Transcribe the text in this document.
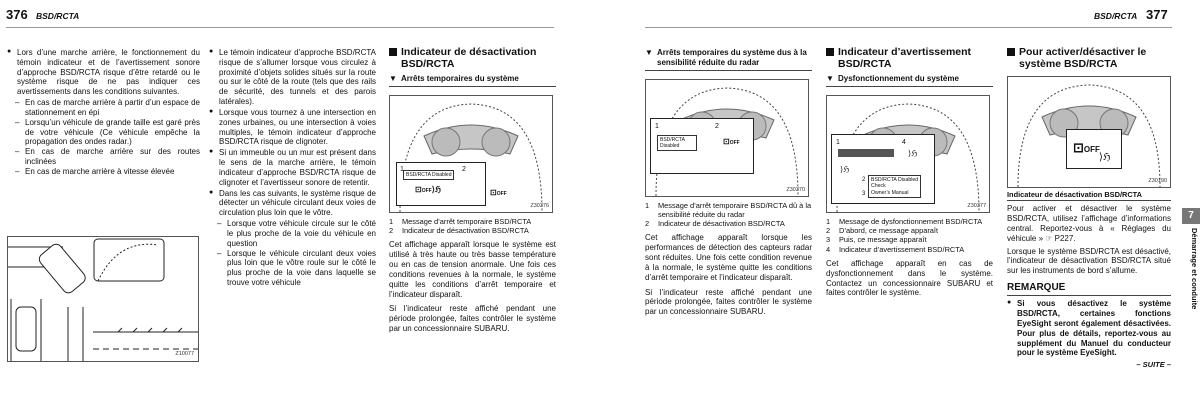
376 BSD/RCTA	BSD/RCTA 377
● Lors d’une marche arrière, le fonctionnement du témoin indicateur et de l’avertissement sonore d’approche BSD/RCTA risque d’être retardé ou le système risque de ne pas indiquer ces avertissements dans les conditions suivantes.
– En cas de marche arrière à partir d’un espace de stationnement en épi
– Lorsqu’un véhicule de grande taille est garé près de votre véhicule (Ce véhicule empêche la propagation des ondes radar.)
– En cas de marche arrière sur des routes inclinées
– En cas de marche arrière à vitesse élevée
Z10077
● Le témoin indicateur d’approche BSD/RCTA risque de s’allumer lorsque vous circulez à proximité d’objets solides situés sur la route ou sur le côté de la route (tels que des rails de sécurité, des tunnels et des parois latérales).
● Lorsque vous tournez à une intersection en zones urbaines, ou une intersection à voies multiples, le témoin indicateur d’approche BSD/RCTA risque de clignoter.
● Si un immeuble ou un mur est présent dans le sens de la marche arrière, le témoin indicateur d’approche BSD/RCTA risque de clignoter et l’avertisseur sonore de retentir.
● Dans les cas suivants, le système risque de détecter un véhicule circulant deux voies de circulation plus loin que le vôtre.
– Lorsque votre véhicule circule sur le côté le plus proche de la voie du véhicule en question
– Lorsque le véhicule circulant deux voies plus loin que le vôtre roule sur le côté le plus proche de la voie dans laquelle se trouve votre véhicule
Indicateur de désactivation BSD/RCTA
▼ Arrêts temporaires du système
BSD/RCTA Disabled
⊡OFF⟩ℌ
1	2
⊡OFF
Z30376
1	Message d’arrêt temporaire BSD/RCTA
2	Indicateur de désactivation BSD/RCTA
Cet affichage apparaît lorsque le système est utilisé à très haute ou très basse température ou en cas de tension anormale. Une fois ces conditions revenues à la normale, le système quitte les conditions d’arrêt temporaire et l’indicateur disparaît.
Si l’indicateur reste affiché pendant une période prolongée, faites contrôler le système par un concessionnaire SUBARU.
▼ Arrêts temporaires du système dus à la sensibilité réduite du radar
1	2
BSD/RCTA Disabled
⊡OFF
Z30370
1	Message d’arrêt temporaire BSD/RCTA dû à la sensibilité réduite du radar
2	Indicateur de désactivation BSD/RCTA
Cet affichage apparaît lorsque les performances de détection des capteurs radar sont réduites. Une fois cette condition revenue à la normale, le système quitte les conditions d’arrêt temporaire et l’indicateur disparaît.
Si l’indicateur reste affiché pendant une période prolongée, faites contrôler le système par un concessionnaire SUBARU.
Indicateur d’avertissement BSD/RCTA
▼ Dysfonctionnement du système
1	4
⟩ℌ
⟩ℌ
BSD/RCTA Disabled
Check
Owner’s Manual
2
3
Z30377
1	Message de dysfonctionnement BSD/RCTA
2	D’abord, ce message apparaît
3	Puis, ce message apparaît
4	Indicateur d’avertissement BSD/RCTA
Cet affichage apparaît en cas de dysfonctionnement dans le système. Contactez un concessionnaire SUBARU et faites contrôler le système.
Pour activer/désactiver le système BSD/RCTA
⊡OFF
⟩ℌ
Z30190
Indicateur de désactivation BSD/RCTA
Pour activer et désactiver le système BSD/RCTA, utilisez l’affichage d’informations central. Reportez-vous à « Réglages du véhicule » ☞ P227.
Lorsque le système BSD/RCTA est désactivé, l’indicateur de désactivation BSD/RCTA situé sur les instruments de bord s’allume.
REMARQUE
● Si vous désactivez le système BSD/RCTA, certaines fonctions EyeSight seront également désactivées. Pour plus de détails, reportez-vous au supplément du Manuel du conducteur pour le système EyeSight.
– SUITE –
7
Démarrage et conduite
